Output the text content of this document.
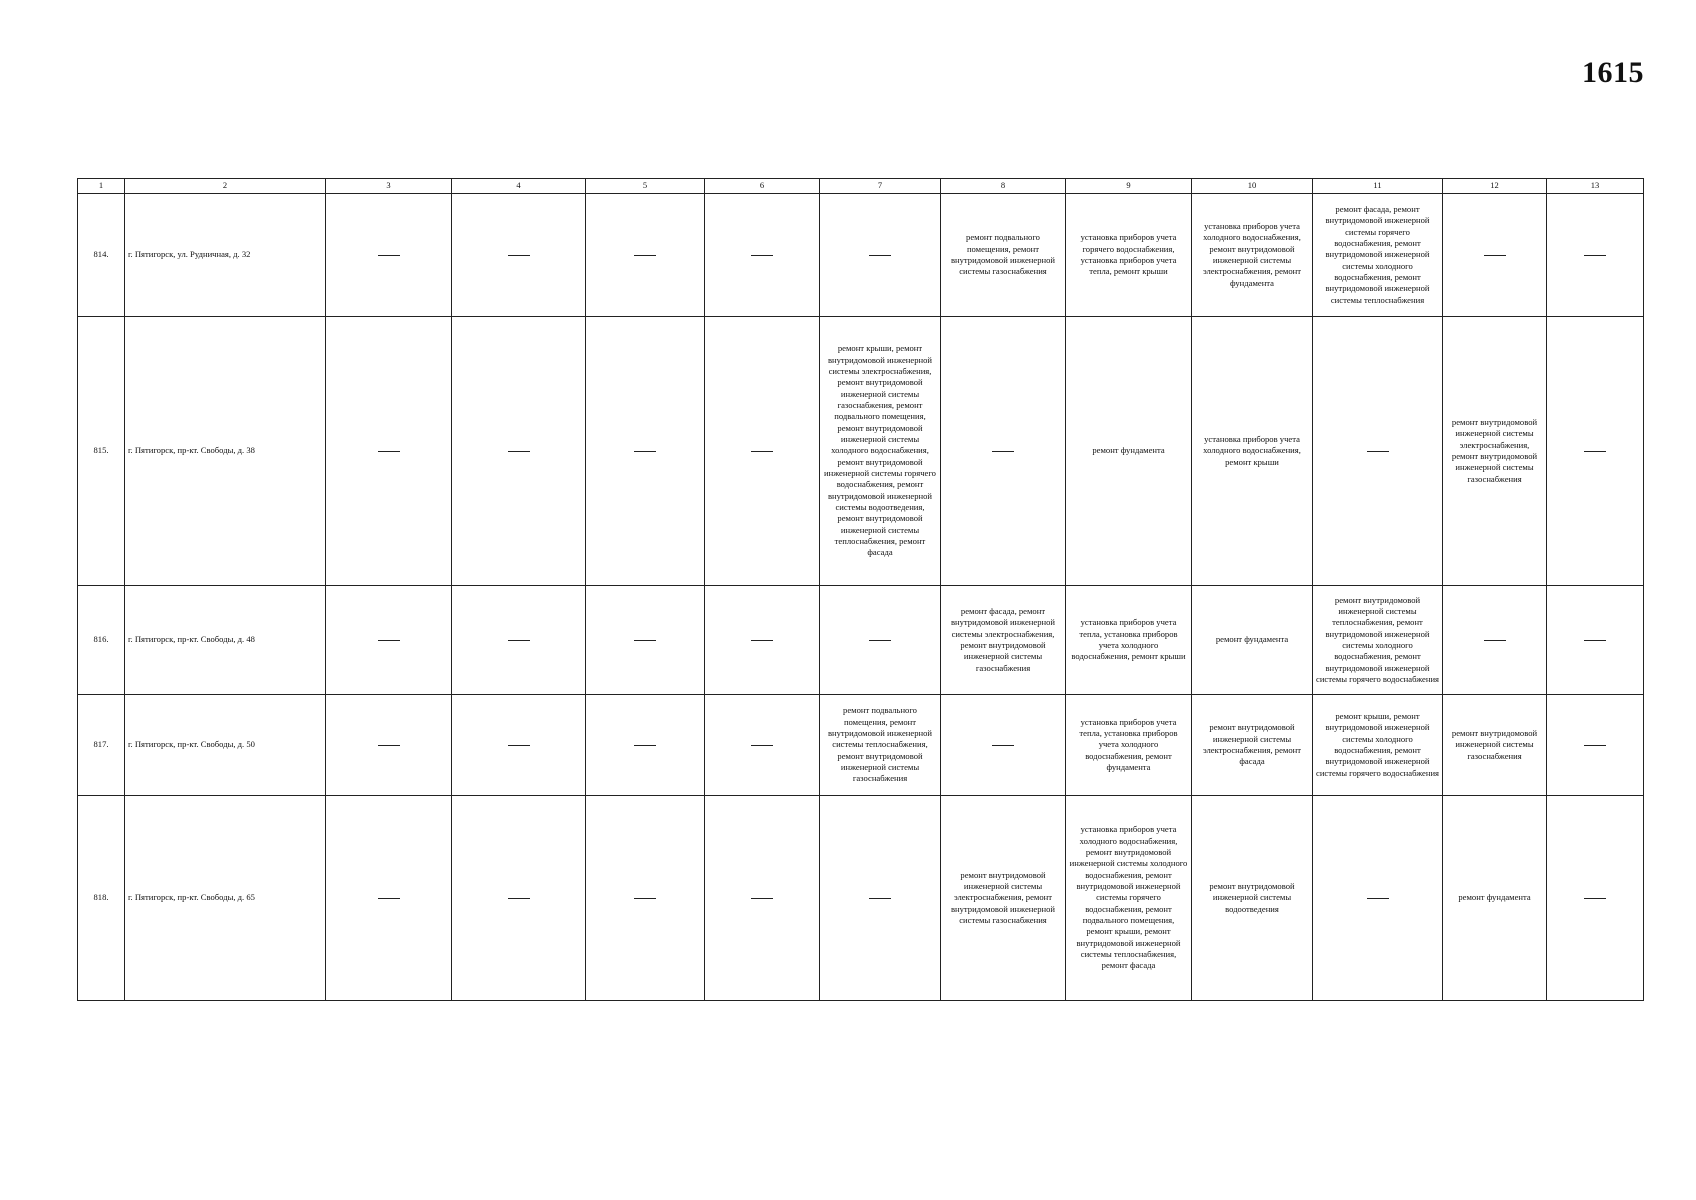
1615
1	2	3	4	5	6	7	8	9	10	11	12	13
814.	г. Пятигорск, ул. Рудничная, д. 32						ремонт подвального помещения, ремонт внутридомовой инженерной системы газоснабжения	установка приборов учета горячего водоснабжения, установка приборов учета тепла, ремонт крыши	установка приборов учета холодного водоснабжения, ремонт внутридомовой инженерной системы электроснабжения, ремонт фундамента	ремонт фасада, ремонт внутридомовой инженерной системы горячего водоснабжения, ремонт внутридомовой инженерной системы холодного водоснабжения, ремонт внутридомовой инженерной системы теплоснабжения		

815.	г. Пятигорск, пр-кт. Свободы, д. 38					ремонт крыши, ремонт внутридомовой инженерной системы электроснабжения, ремонт внутридомовой инженерной системы газоснабжения, ремонт подвального помещения, ремонт внутридомовой инженерной системы холодного водоснабжения, ремонт внутридомовой инженерной системы горячего водоснабжения, ремонт внутридомовой инженерной системы водоотведения, ремонт внутридомовой инженерной системы теплоснабжения, ремонт фасада		ремонт фундамента	установка приборов учета холодного водоснабжения, ремонт крыши		ремонт внутридомовой инженерной системы электроснабжения, ремонт внутридомовой инженерной системы газоснабжения	

816.	г. Пятигорск, пр-кт. Свободы, д. 48						ремонт фасада, ремонт внутридомовой инженерной системы электроснабжения, ремонт внутридомовой инженерной системы газоснабжения	установка приборов учета тепла, установка приборов учета холодного водоснабжения, ремонт крыши	ремонт фундамента	ремонт внутридомовой инженерной системы теплоснабжения, ремонт внутридомовой инженерной системы холодного водоснабжения, ремонт внутридомовой инженерной системы горячего водоснабжения		

817.	г. Пятигорск, пр-кт. Свободы, д. 50					ремонт подвального помещения, ремонт внутридомовой инженерной системы теплоснабжения, ремонт внутридомовой инженерной системы газоснабжения		установка приборов учета тепла, установка приборов учета холодного водоснабжения, ремонт фундамента	ремонт внутридомовой инженерной системы электроснабжения, ремонт фасада	ремонт крыши, ремонт внутридомовой инженерной системы холодного водоснабжения, ремонт внутридомовой инженерной системы горячего водоснабжения	ремонт внутридомовой инженерной системы газоснабжения	

818.	г. Пятигорск, пр-кт. Свободы, д. 65						ремонт внутридомовой инженерной системы электроснабжения, ремонт внутридомовой инженерной системы газоснабжения	установка приборов учета холодного водоснабжения, ремонт внутридомовой инженерной системы холодного водоснабжения, ремонт внутридомовой инженерной системы горячего водоснабжения, ремонт подвального помещения, ремонт крыши, ремонт внутридомовой инженерной системы теплоснабжения, ремонт фасада	ремонт внутридомовой инженерной системы водоотведения		ремонт фундамента	
